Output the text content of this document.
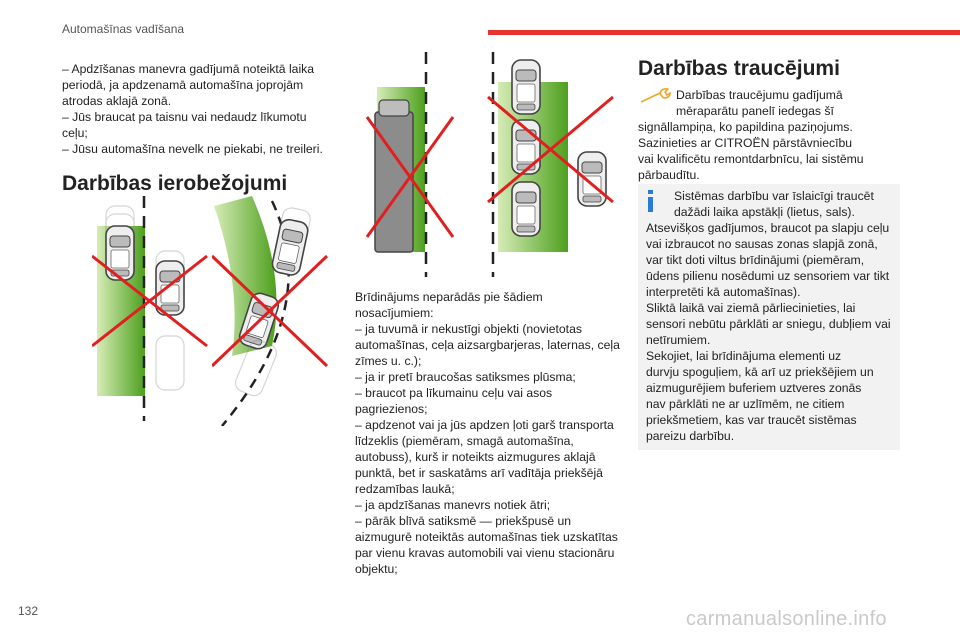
Automašīnas vadīšana

– Apdzīšanas manevra gadījumā noteiktā laika

periodā, ja apdzenamā automašīna joprojām

atrodas aklajā zonā.

– Jūs braucat pa taisnu vai nedaudz līkumotu

ceļu;

– Jūsu automašīna nevelk ne piekabi, ne treileri.

Darbības ierobežojumi

Brīdinājums neparādās pie šādiem

nosacījumiem:

– ja tuvumā ir nekustīgi objekti (novietotas

automašīnas, ceļa aizsargbarjeras, laternas, ceļa

zīmes u. c.);

– ja ir pretī braucošas satiksmes plūsma;

– braucot pa līkumainu ceļu vai asos

pagriezienos;

– apdzenot vai ja jūs apdzen ļoti garš transporta

līdzeklis (piemēram, smagā automašīna,

autobuss), kurš ir noteikts aizmugures aklajā

punktā, bet ir saskatāms arī vadītāja priekšējā

redzamības laukā;

– ja apdzīšanas manevrs notiek ātri;

– pārāk blīvā satiksmē — priekšpusē un

aizmugurē noteiktās automašīnas tiek uzskatītas

par vienu kravas automobili vai vienu stacionāru

objektu;

Darbības traucējumi

Darbības traucējumu gadījumā

mēraparātu panelī iedegas šī

signāllampiņa, ko papildina paziņojums.

Sazinieties ar CITROËN pārstāvniecību

vai kvalificētu remontdarbnīcu, lai sistēmu

pārbaudītu.

Sistēmas darbību var īslaicīgi traucēt

dažādi laika apstākļi (lietus, sals).

Atsevišķos gadījumos, braucot pa slapju ceļu

vai izbraucot no sausas zonas slapjā zonā,

var tikt doti viltus brīdinājumi (piemēram,

ūdens pilienu nosēdumi uz sensoriem var tikt

interpretēti kā automašīnas).

Sliktā laikā vai ziemā pārliecinieties, lai

sensori nebūtu pārklāti ar sniegu, dubļiem vai

netīrumiem.

Sekojiet, lai brīdinājuma elementi uz

durvju spoguļiem, kā arī uz priekšējiem un

aizmugurējiem buferiem uztveres zonās

nav pārklāti ne ar uzlīmēm, ne citiem

priekšmetiem, kas var traucēt sistēmas

pareizu darbību.

132	carmanualsonline.info
